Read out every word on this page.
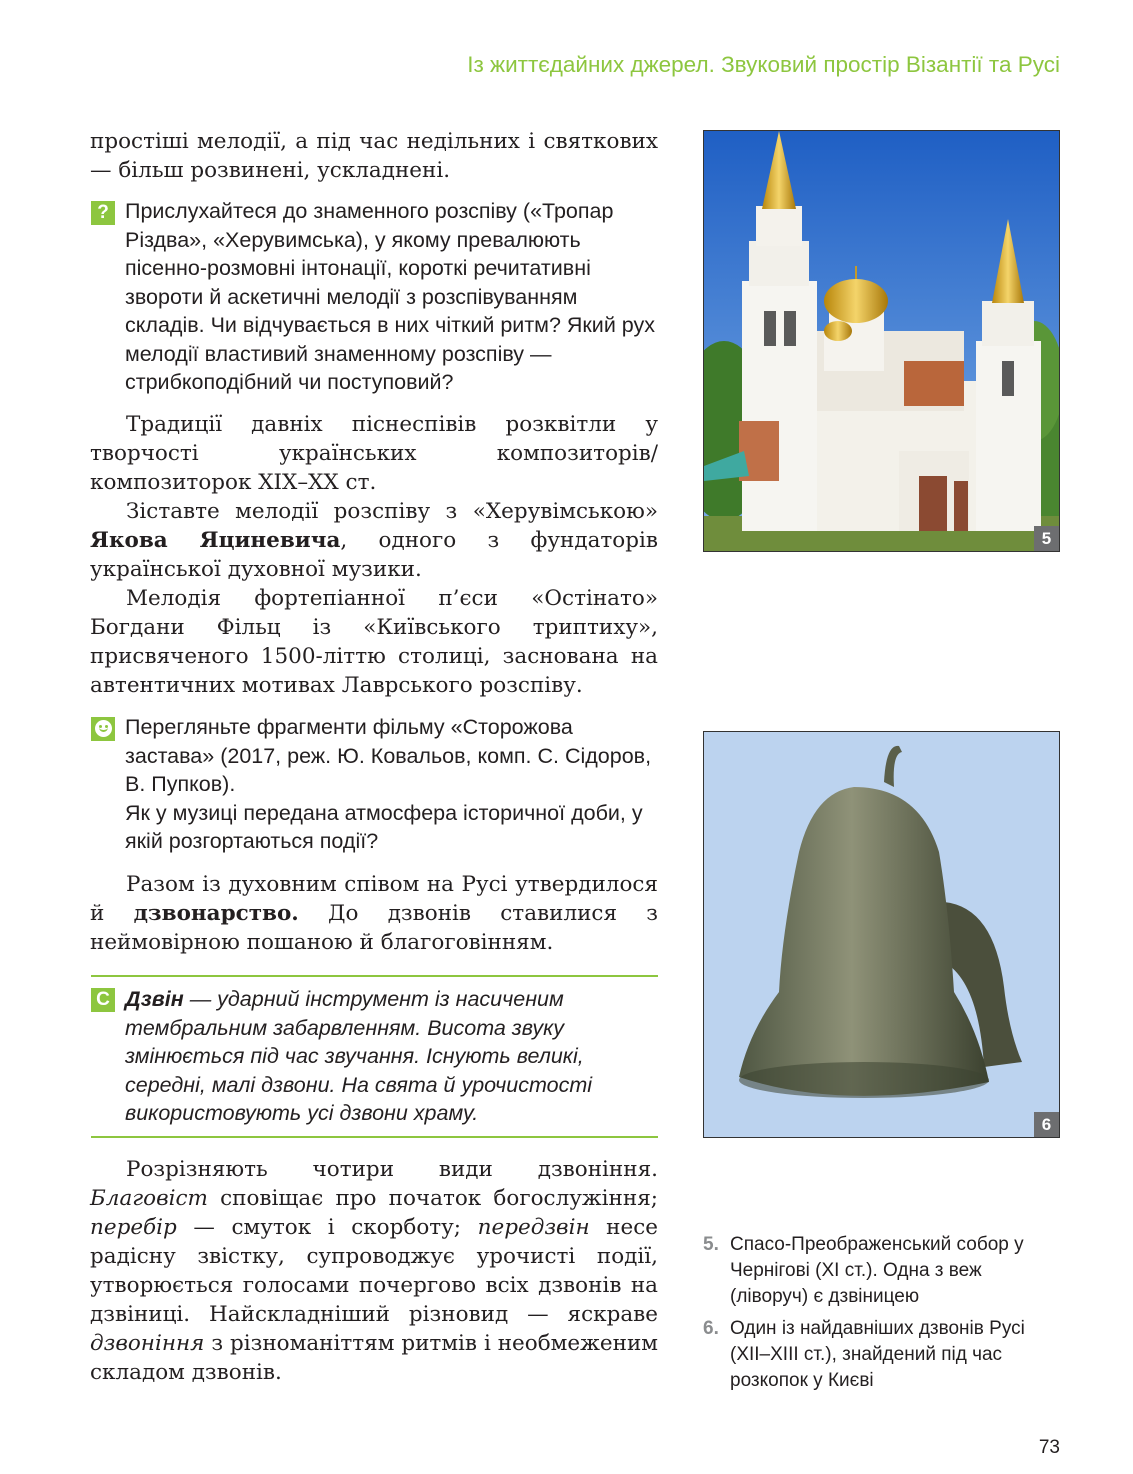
Із життєдайних джерел. Звуковий простір Візантії та Русі

простіші мелодії, а під час недільних і святкових — більш розвинені, ускладнені.

? Прислухайтеся до знаменного розспіву («Тропар Різдва», «Херувимська), у якому превалюють пісенно-розмовні інтонації, короткі речитативні звороти й аскетичні мелодії з розспівуванням складів. Чи відчувається в них чіткий ритм? Який рух мелодії властивий знаменному розспіву — стрибкоподібний чи поступовий?

Традиції давніх піснеспівів розквітли у творчості українських композиторів/ композиторок XIX–XX ст.

Зіставте мелодії розспіву з «Херувімською» Якова Яциневича, одного з фундаторів української духовної музики.

Мелодія фортепіанної п’єси «Остінато» Богдани Фільц із «Київського триптиху», присвяченого 1500-літтю столиці, заснована на автентичних мотивах Лаврського розспіву.

Перегляньте фрагменти фільму «Сторожова застава» (2017, реж. Ю. Ковальов, комп. С. Сідоров, В. Пупков).
Як у музиці передана атмосфера історичної доби, у якій розгортаються події?

Разом із духовним співом на Русі утвердилося й дзвонарство. До дзвонів ставилися з неймовірною пошаною й благоговінням.

С Дзвін — ударний інструмент із насиченим тембральним забарвленням. Висота звуку змінюється під час звучання. Існують великі, середні, малі дзвони. На свята й урочистості використовують усі дзвони храму.

Розрізняють чотири види дзвоніння. Благовіст сповіщає про початок богослужіння; перебір — смуток і скорботу; передзвін несе радісну звістку, супроводжує урочисті події, утворюється голосами почергово всіх дзвонів на дзвіниці. Найскладніший різновид — яскраве дзвоніння з різноманіттям ритмів і необмеженим складом дзвонів.

5
6
5. Спасо-Преображенський собор у Чернігові (ХІ ст.). Одна з веж (ліворуч) є дзвіницею
6. Один із найдавніших дзвонів Русі (ХІІ–ХІІІ ст.), знайдений під час розкопок у Києві
73
